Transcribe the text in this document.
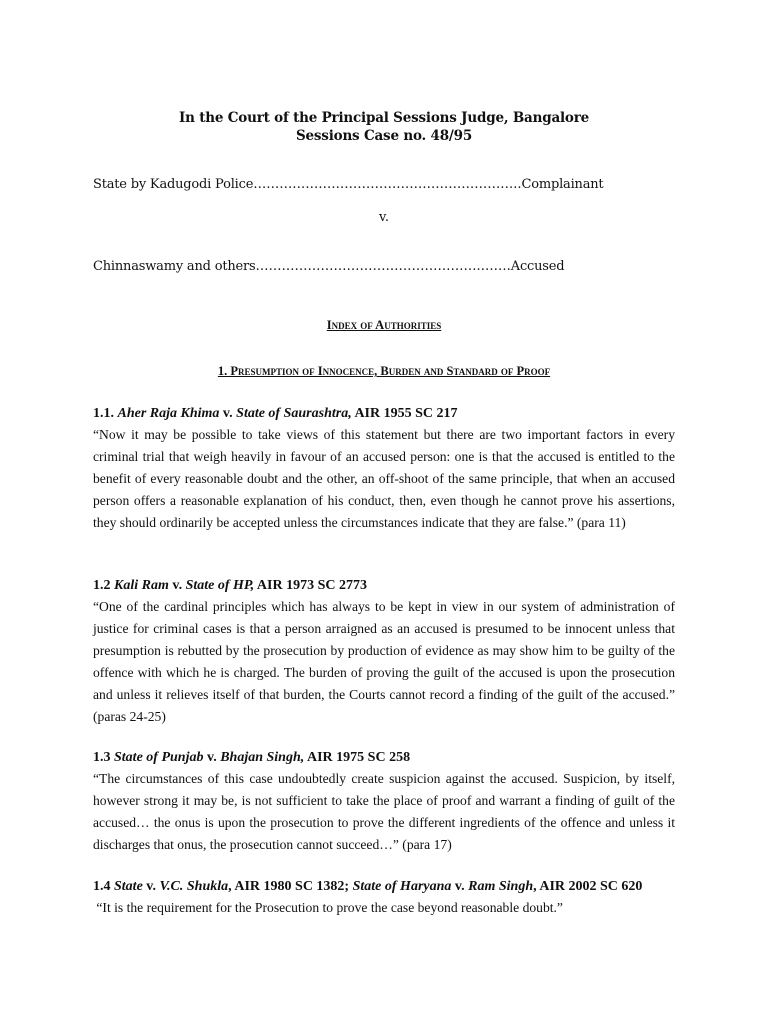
In the Court of the Principal Sessions Judge, Bangalore
Sessions Case no. 48/95
State by Kadugodi Police……………………………………………………..Complainant
v.
Chinnaswamy and others…………………………………………….…….Accused
Index of Authorities
1. Presumption of Innocence, Burden and Standard of Proof
1.1. Aher Raja Khima v. State of Saurashtra, AIR 1955 SC 217
“Now it may be possible to take views of this statement but there are two important factors in every criminal trial that weigh heavily in favour of an accused person: one is that the accused is entitled to the benefit of every reasonable doubt and the other, an off-shoot of the same principle, that when an accused person offers a reasonable explanation of his conduct, then, even though he cannot prove his assertions, they should ordinarily be accepted unless the circumstances indicate that they are false.” (para 11)
1.2 Kali Ram v. State of HP, AIR 1973 SC 2773
“One of the cardinal principles which has always to be kept in view in our system of administration of justice for criminal cases is that a person arraigned as an accused is presumed to be innocent unless that presumption is rebutted by the prosecution by production of evidence as may show him to be guilty of the offence with which he is charged. The burden of proving the guilt of the accused is upon the prosecution and unless it relieves itself of that burden, the Courts cannot record a finding of the guilt of the accused.” (paras 24-25)
1.3 State of Punjab v. Bhajan Singh, AIR 1975 SC 258
“The circumstances of this case undoubtedly create suspicion against the accused. Suspicion, by itself, however strong it may be, is not sufficient to take the place of proof and warrant a finding of guilt of the accused… the onus is upon the prosecution to prove the different ingredients of the offence and unless it discharges that onus, the prosecution cannot succeed…” (para 17)
1.4 State v. V.C. Shukla, AIR 1980 SC 1382; State of Haryana v. Ram Singh, AIR 2002 SC 620
“It is the requirement for the Prosecution to prove the case beyond reasonable doubt.”
